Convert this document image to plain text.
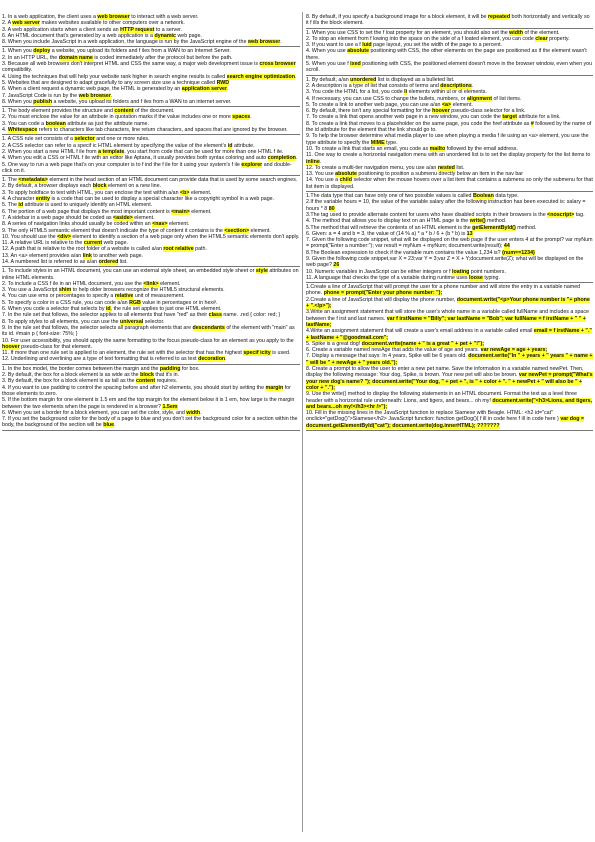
1. In a web application, the client uses a web browser to interact with a web server.
2. A web server makes websites available to other computers over a network.
3. A web application starts when a client sends an HTTP request to a server.
6. An HTML document that's generated by a web application is a dynamic web page.
8. When you include JavaScript in a web application, the language is run by the JavaScript engine of the web browser.
1. When you deploy a website, you upload its folders and f iles from a WAN to an Internet Server.
2. In an HTTP URL, the domain name is coded immediately after the protocol but before the path.
3. Because all web browsers don't interpret HTML and CSS the same way, a major web development issue is cross browser compatibility.
4. Using the techniques that will help your website rank higher in search engine results is called search engine optimization.
5. Websites that are designed to adapt gracefully to any screen size use a technique called RWD
6. When a client request a dynamic web page, the HTML is generated by an application server.
7. JavaScript Code is run by the web browser.
8. When you publish a website, you upload its folders and f iles from a WAN to an internet server.
1. The body element provides the structure and content of the document.
2. You must enclose the value for an attribute in quotation marks if the value includes one or more spaces.
3. You can code a boolean attribute as just the attribute name.
4. Whitespace refers to characters like tab characters, line return characters, and spaces that are ignored by the browser.
1. A CSS rule set consists of a selector and one or more rules.
2. A CSS selector can refer to a specif ic HTML element by specifying the value of the element's id attribute.
2. When you start a new HTML f ile from a template, you start from code that can be used for more than one HTML f ile.
4. When you edit a CSS or HTML f ile with an editor like Aptana, it usually provides both syntax coloring and auto completion.
5. One way to run a web page that's on your computer is to f ind the f ile for it using your system's f ile explorer and double-click on it.
1. The <metadata> element in the head section of an HTML document can provide data that is used by some search engines.
2. By default, a browser displays each block element on a new line.
3. To apply boldface to text with HTML, you can enclose the text within a/an <b> element.
4. A character entity is a code that can be used to display a special character like a copyright symbol in a web page.
5. The id attribute is used to uniquely identify an HTML element.
6. The portion of a web page that displays the most important content is <main> element.
7. A sidebar in a web page should be coded as <aside> element.
8. A series of navigation links should usually be coded within an <nav> element.
9. The only HTML5 semantic element that doesn't indicate the type of content it contains is the <section> element.
10. You should use the <div> element to identify a section of a web page only when the HTML5 semantic elements don't apply.
11. A relative URL is relative to the current web page.
12. A path that is relative to the root folder of a website is called a/an root relative path.
13. An <a> element provides a/an link to another web page.
14. A numbered list is referred to as a/an ordered list.
1. To include styles in an HTML document, you can use an external style sheet, an embedded style sheet or style attributes on inline HTML elements.
2. To include a CSS f ile in an HTML document, you use the <link> element.
3. You use a JavaScript shim to help older browsers recognize the HTML5 structural elements.
4. You can use ems or percentages to specify a relative unit of measurement.
5. To specify a color in a CSS rule, you can code a/an RGB value in percentages or in hex#.
6. When you code a selector that selects by id, the rule set applies to just one HTML element.
7. In the rule set that follows, the selector applies to all elements that have "red" as their class name. .red { color: red; }
8. To apply styles to all elements, you can use the universal selector.
9. In the rule set that follows, the selector selects all paragraph elements that are descendants of the element with "main" as its id. #main p { font-size: 75%; }
10. For user accessibility, you should apply the same formatting to the focus pseudo-class for an element as you apply to the hoover pseudo-class for that element.
11. If more than one rule set is applied to an element, the rule set with the selector that has the highest specif icity is used.
12. Underlining and overlining are a type of text formatting that is referred to as text decoration.
1. In the box model, the border comes between the margin and the padding for box.
2. By default, the box for a block element is as wide as the block that it's in.
3. By default, the box for a block element is as tall as the content requires.
4. If you want to use padding to control the spacing before and after h2 elements, you should start by setting the margin for those elements to zero.
5. If the bottom margin for one element is 1.5 em and the top margin for the element below it is 1 em, how large is the margin between the two elements when the page is rendered in a browser? 1.5em
6. When you set a border for a block element, you can set the color, style, and width.
7. If you set the background color for the body of a page to blue and you don't set the background color for a section within the body, the background of the section will be blue.
8. By default, if you specify a background image for a block element, it will be repeated both horizontally and vertically so it f ills the block element.
1. When you use CSS to set the f loat property for an element, you should also set the width of the element.
2. To stop an element from f lowing into the space on the side of a f loated element, you can code clear property.
3. If you want to use a f luid page layout, you set the width of the page to a percent.
4. When you use absolute positioning with CSS, the other elements on the page are positioned as if the element wasn't there.
5. When you use f ixed positioning with CSS, the positioned element doesn't move in the browser window, even when you scroll.
1. By default, a/an unordered list is displayed as a bulleted list.
2. A description is a type of list that consists of terms and descriptions.
3. You code the HTML for a list, you code li elements within ul or ol elements.
4. If necessary, you can use CSS to change the bullets, numbers, or alignment of list items.
5. To create a link to another web page, you can use a/an <a> element.
6. By default, there isn't any special formatting for the hoover pseudo-class selector for a link.
7. To create a link that opens another web page in a new window, you can code the target attribute for a link.
8. To create a link that moves to a placeholder on the same page, you code the href attribute as # followed by the name of the id attribute for the element that the link should go to.
9. To help the browser determine what media player to use when playing a media f ile using an <a> element, you use the type attribute to specify the MIME type.
10. To create a link that starts an email, you code as mailto followed by the email address.
11. One way to create a horizontal navigation menu with an unordered list is to set the display property for the list items to inline.
12. To create a multi-tier navigation menu, you use a/an nested list.
13. You use absolute positioning to position a submenu directly below an item in the nav bar
14. You use a child selector when the mouse hovers over a list item that contains a submenu so only the submenu for that list item is displayed.
1.The data type that can have only one of two possible values is called Boolean data type.
2.If the variable hours = 10, the value of the variable salary after the following instruction has been executed is: salary = hours * 8 80
3.The tag used to provide alternate content for users who have disabled scripts in their browsers is the <noscript> tag.
4. The method that allows you to display text on an HTML page is the write() method.
5.The method that will retrieve the contents of an HTML element is the getElementById() method.
6. Given: a = 4 and b = 3, the value of (14 % a) * a * b / 6 + (b * b) is 13
7. Given the following code snippet, what will be displayed on the web page if the user enters 4 at the prompt? var myNum = prompt("Enter a number:"); var result = myNum + myNum; document.write(result); 44
8.The Boolean expression to check if the variable num contains the value 1,234 is? (num==1234)
9. Given the following code snippet,var X = 23;var Y = 3;var Z = X + Y;document.write(Z); what will be displayed on the web page? 26
10. Numeric variables in JavaScript can be either integers or f loating point numbers.
11. A language that checks the type of a variable during runtime uses loose typing.
1.Create a line of JavaScript that will prompt the user for a phone number and will store the entry in a variable named phone. phone = prompt("Enter your phone number: ");
2.Create a line of JavaScript that will display the phone number, document.write("<p>Your phone number is "+ phone + ".</p>");
3.Write an assignment statement that will store the user's whole name in a variable called fullName and includes a space between the f irst and last names. var f irstName = "Billy"; var lastName = "Bob"; var fullName = f irstName + " " + lastName;
4.Write an assignment statement that will create a user's email address in a variable called email email = f irstName + "." + lastName + "@goodmail.com";
5. Spike is a great dog! document.write(name + " is a great " + pet + "!");
6. Create a variable named newAge that adds the value of age and years. var newAge = age + years;
7. Display a message that says: In 4 years, Spike will be 6 years old. document.write("In " + years + " years " + name + " will be " + newAge + " years old.");
8. Create a prompt to allow the user to enter a new pet name. Save the information in a variable named newPet. Then, display the following message: Your dog, Spike, is brown. Your new pet will also be brown. var newPet = prompt("What's your new dog's name? "); document.write("Your dog, " + pet + ", is " + color + ". " + newPet + " will also be " + color + ".");
9. Use the write() method to display the following statements in an HTML document. Format the text as a level three header with a horizontal rule underneath: Lions, and tigers, and bears... oh my! document.write("<h3>Lions, and tigers, and bears...oh my!</h3><hr />");
10. Fill in the missing lines in the JavaScript function to replace Siamese with Beagle. HTML: <h2 id="cat" onclick="getDog()">Siamese</h2> JavaScript function: function getDog(){ f ill in code here f ill in code here } var dog = document.getElementById("cat"); document.write(dog.innerHTML); ???????
